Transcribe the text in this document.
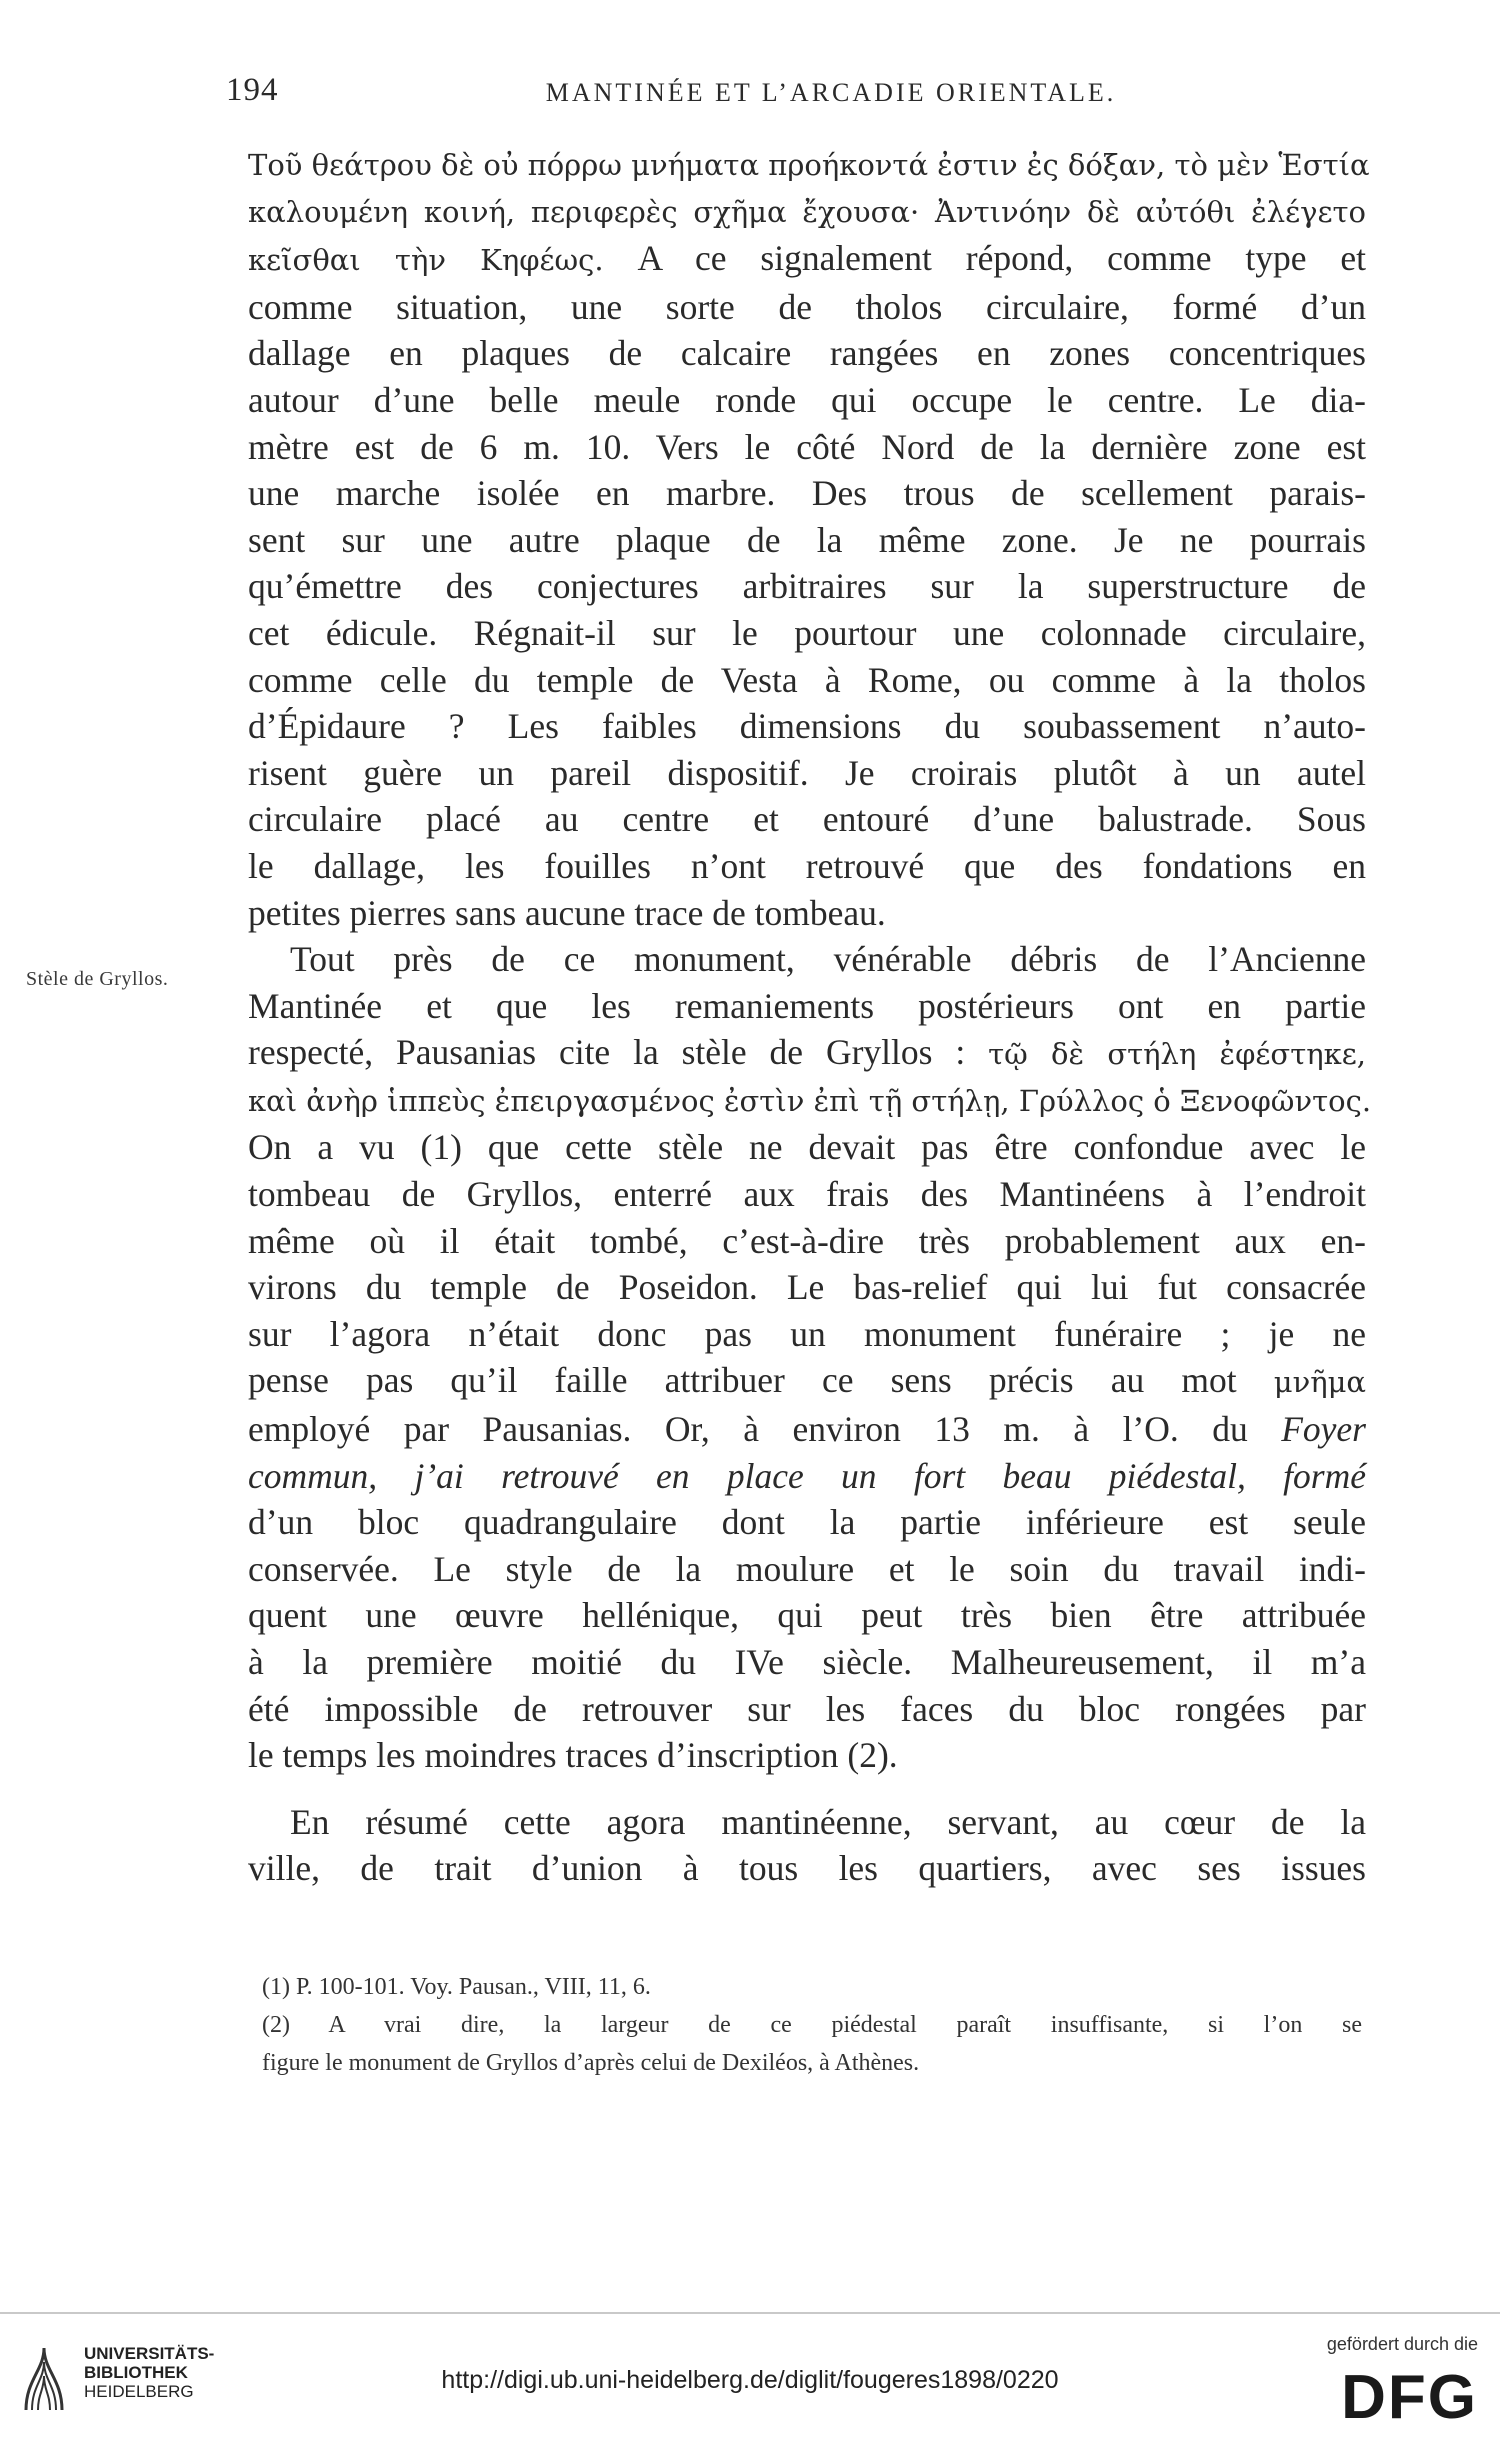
194	MANTINÉE ET L’ARCADIE ORIENTALE.
Stèle de Gryllos.
Τοῦ θεάτρου δὲ οὐ πόρρω μνήματα προήκοντά ἐστιν ἐς δόξαν, τὸ μὲν Ἑστία
καλουμένη κοινή, περιφερὲς σχῆμα ἔχουσα· Ἀντινόην δὲ αὐτόθι ἐλέγετο
κεῖσθαι τὴν Κηφέως. A ce signalement répond, comme type et
comme situation, une sorte de tholos circulaire, formé d’un
dallage en plaques de calcaire rangées en zones concentriques
autour d’une belle meule ronde qui occupe le centre. Le dia-
mètre est de 6 m. 10. Vers le côté Nord de la dernière zone est
une marche isolée en marbre. Des trous de scellement parais-
sent sur une autre plaque de la même zone. Je ne pourrais
qu’émettre des conjectures arbitraires sur la superstructure de
cet édicule. Régnait-il sur le pourtour une colonnade circulaire,
comme celle du temple de Vesta à Rome, ou comme à la tholos
d’Épidaure ? Les faibles dimensions du soubassement n’auto-
risent guère un pareil dispositif. Je croirais plutôt à un autel
circulaire placé au centre et entouré d’une balustrade. Sous
le dallage, les fouilles n’ont retrouvé que des fondations en
petites pierres sans aucune trace de tombeau.
Tout près de ce monument, vénérable débris de l’Ancienne
Mantinée et que les remaniements postérieurs ont en partie
respecté, Pausanias cite la stèle de Gryllos : τῷ δὲ στήλη ἐφέστηκε,
καὶ ἀνὴρ ἱππεὺς ἐπειργασμένος ἐστὶν ἐπὶ τῇ στήλῃ, Γρύλλος ὁ Ξενοφῶντος.
On a vu (1) que cette stèle ne devait pas être confondue avec le
tombeau de Gryllos, enterré aux frais des Mantinéens à l’endroit
même où il était tombé, c’est-à-dire très probablement aux en-
virons du temple de Poseidon. Le bas-relief qui lui fut consacrée
sur l’agora n’était donc pas un monument funéraire ; je ne
pense pas qu’il faille attribuer ce sens précis au mot μνῆμα
employé par Pausanias. Or, à environ 13 m. à l’O. du Foyer
commun, j’ai retrouvé en place un fort beau piédestal, formé
d’un bloc quadrangulaire dont la partie inférieure est seule
conservée. Le style de la moulure et le soin du travail indi-
quent une œuvre hellénique, qui peut très bien être attribuée
à la première moitié du IVe siècle. Malheureusement, il m’a
été impossible de retrouver sur les faces du bloc rongées par
le temps les moindres traces d’inscription (2).
En résumé cette agora mantinéenne, servant, au cœur de la
ville, de trait d’union à tous les quartiers, avec ses issues
(1) P. 100-101. Voy. Pausan., VIII, 11, 6.
(2) A vrai dire, la largeur de ce piédestal paraît insuffisante, si l’on se
figure le monument de Gryllos d’après celui de Dexiléos, à Athènes.
UNIVERSITÄTS-
BIBLIOTHEK
HEIDELBERG	http://digi.ub.uni-heidelberg.de/diglit/fougeres1898/0220
gefördert durch die
DFG
